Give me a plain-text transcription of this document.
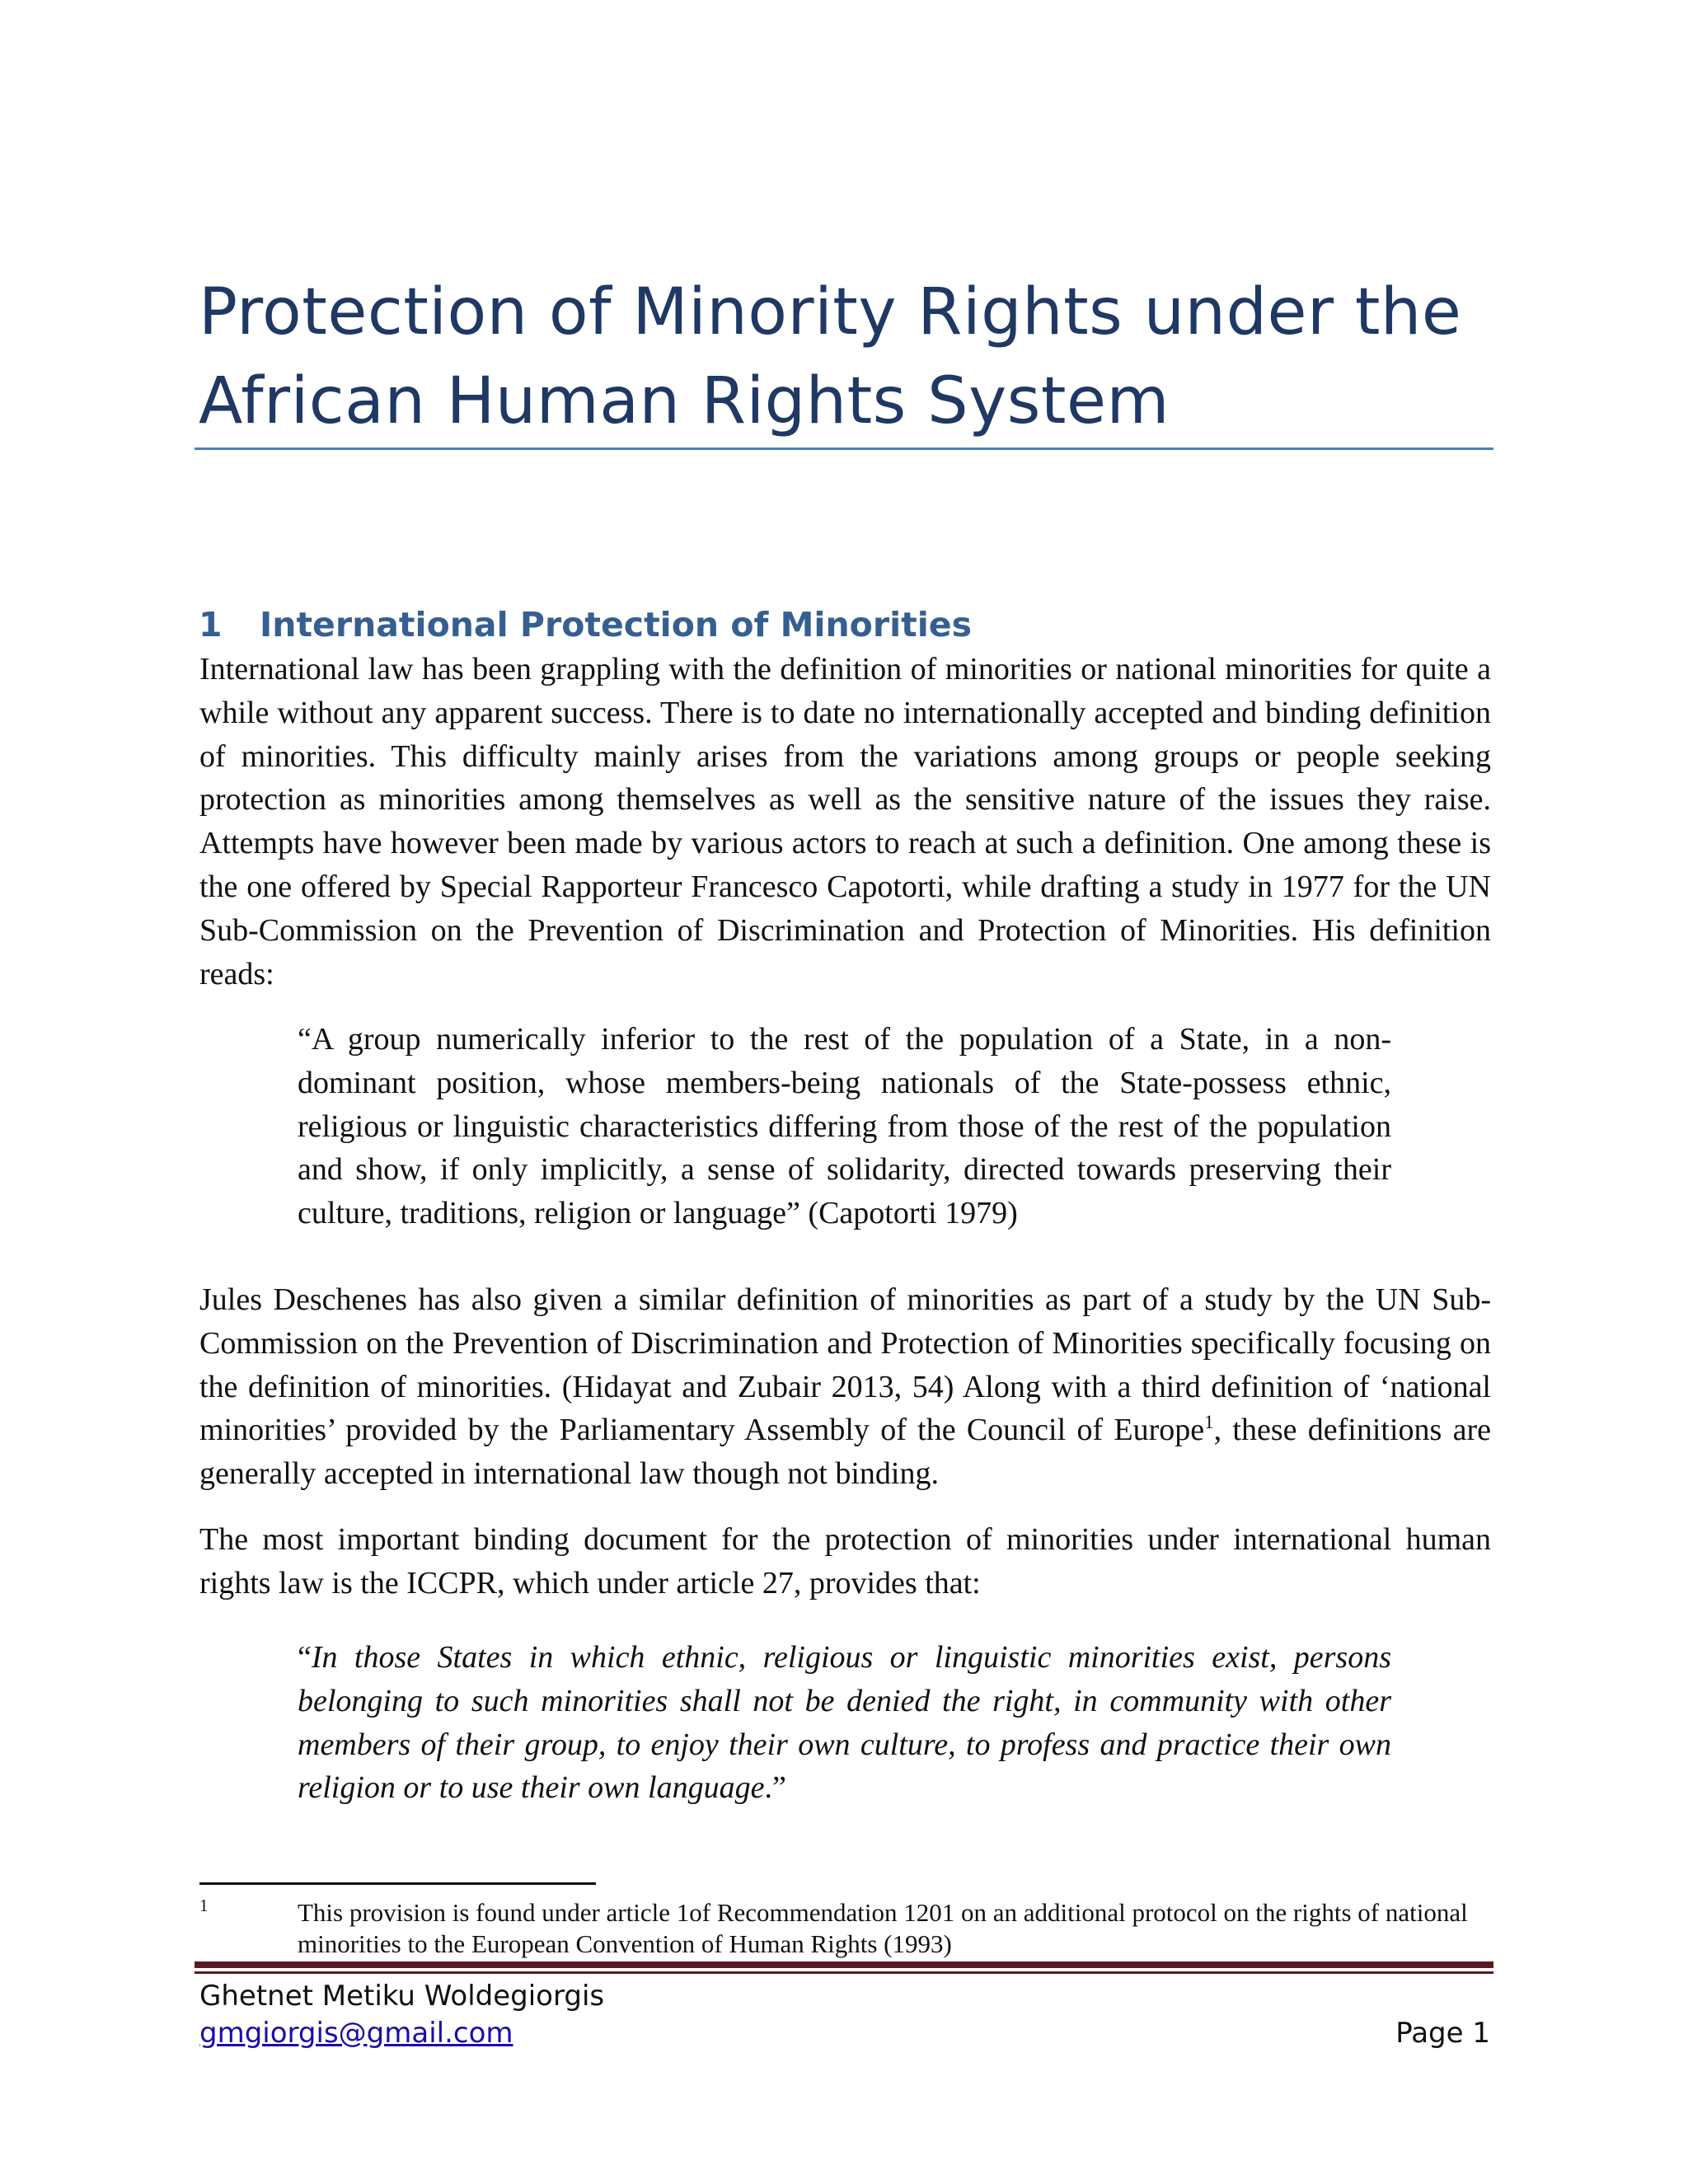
Protection of Minority Rights under the African Human Rights System
1 International Protection of Minorities

International law has been grappling with the definition of minorities or national minorities for quite a while without any apparent success. There is to date no internationally accepted and binding definition of minorities. This difficulty mainly arises from the variations among groups or people seeking protection as minorities among themselves as well as the sensitive nature of the issues they raise. Attempts have however been made by various actors to reach at such a definition. One among these is the one offered by Special Rapporteur Francesco Capotorti, while drafting a study in 1977 for the UN Sub-Commission on the Prevention of Discrimination and Protection of Minorities. His definition reads:

“A group numerically inferior to the rest of the population of a State, in a non-dominant position, whose members-being nationals of the State-possess ethnic, religious or linguistic characteristics differing from those of the rest of the population and show, if only implicitly, a sense of solidarity, directed towards preserving their culture, traditions, religion or language” (Capotorti 1979)

Jules Deschenes has also given a similar definition of minorities as part of a study by the UN Sub-Commission on the Prevention of Discrimination and Protection of Minorities specifically focusing on the definition of minorities. (Hidayat and Zubair 2013, 54) Along with a third definition of ‘national minorities’ provided by the Parliamentary Assembly of the Council of Europe$^1$, these definitions are generally accepted in international law though not binding.

The most important binding document for the protection of minorities under international human rights law is the ICCPR, which under article 27, provides that:

“In those States in which ethnic, religious or linguistic minorities exist, persons belonging to such minorities shall not be denied the right, in community with other members of their group, to enjoy their own culture, to profess and practice their own religion or to use their own language.”

1	This provision is found under article 1of Recommendation 1201 on an additional protocol on the rights of national minorities to the European Convention of Human Rights (1993)
Ghetnet Metiku Woldegiorgis
gmgiorgis@gmail.com	Page 1
